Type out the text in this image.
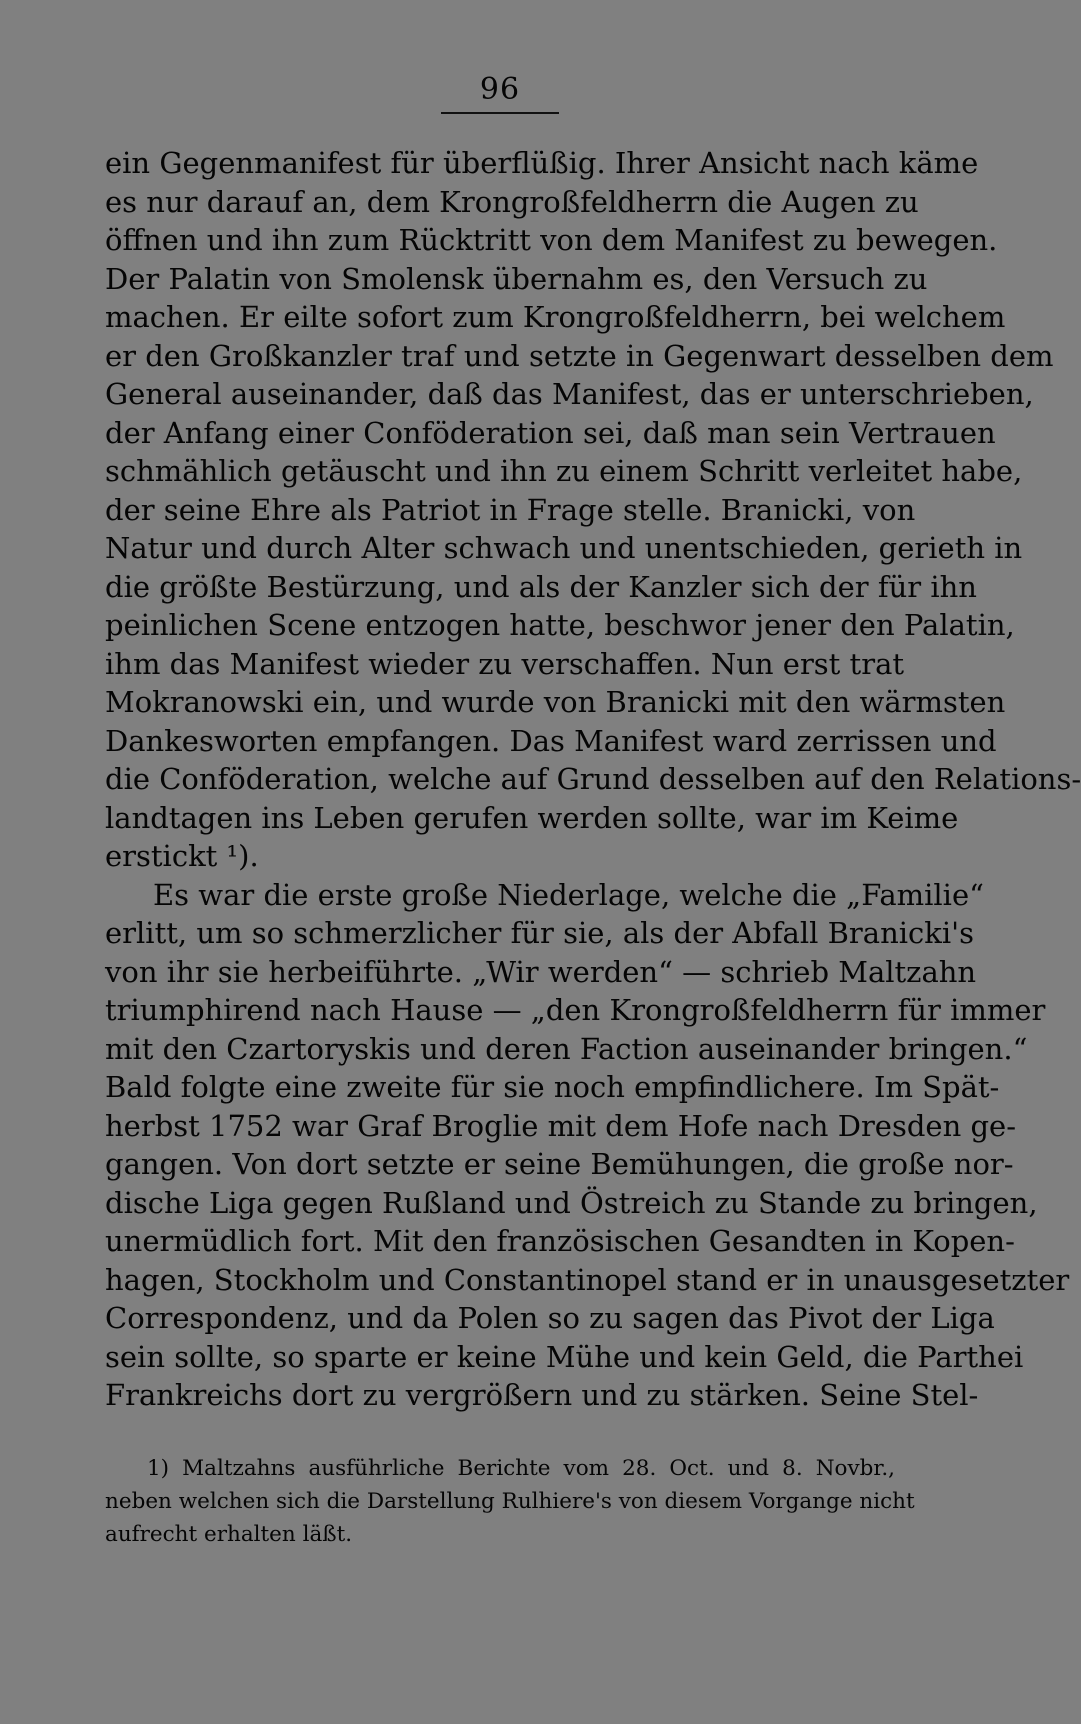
96
ein Gegenmanifest für überflüßig. Ihrer Ansicht nach käme
es nur darauf an, dem Krongroßfeldherrn die Augen zu
öffnen und ihn zum Rücktritt von dem Manifest zu bewegen.
Der Palatin von Smolensk übernahm es, den Versuch zu
machen. Er eilte sofort zum Krongroßfeldherrn, bei welchem
er den Großkanzler traf und setzte in Gegenwart desselben dem
General auseinander, daß das Manifest, das er unterschrieben,
der Anfang einer Conföderation sei, daß man sein Vertrauen
schmählich getäuscht und ihn zu einem Schritt verleitet habe,
der seine Ehre als Patriot in Frage stelle. Branicki, von
Natur und durch Alter schwach und unentschieden, gerieth in
die größte Bestürzung, und als der Kanzler sich der für ihn
peinlichen Scene entzogen hatte, beschwor jener den Palatin,
ihm das Manifest wieder zu verschaffen. Nun erst trat
Mokranowski ein, und wurde von Branicki mit den wärmsten
Dankesworten empfangen. Das Manifest ward zerrissen und
die Conföderation, welche auf Grund desselben auf den Relations-
landtagen ins Leben gerufen werden sollte, war im Keime
erstickt ¹).
Es war die erste große Niederlage, welche die „Familie“
erlitt, um so schmerzlicher für sie, als der Abfall Branicki's
von ihr sie herbeiführte. „Wir werden“ — schrieb Maltzahn
triumphirend nach Hause — „den Krongroßfeldherrn für immer
mit den Czartoryskis und deren Faction auseinander bringen.“
Bald folgte eine zweite für sie noch empfindlichere. Im Spät-
herbst 1752 war Graf Broglie mit dem Hofe nach Dresden ge-
gangen. Von dort setzte er seine Bemühungen, die große nor-
dische Liga gegen Rußland und Östreich zu Stande zu bringen,
unermüdlich fort. Mit den französischen Gesandten in Kopen-
hagen, Stockholm und Constantinopel stand er in unausgesetzter
Correspondenz, und da Polen so zu sagen das Pivot der Liga
sein sollte, so sparte er keine Mühe und kein Geld, die Parthei
Frankreichs dort zu vergrößern und zu stärken. Seine Stel-
1) Maltzahns ausführliche Berichte vom 28. Oct. und 8. Novbr.,
neben welchen sich die Darstellung Rulhiere's von diesem Vorgange nicht
aufrecht erhalten läßt.
